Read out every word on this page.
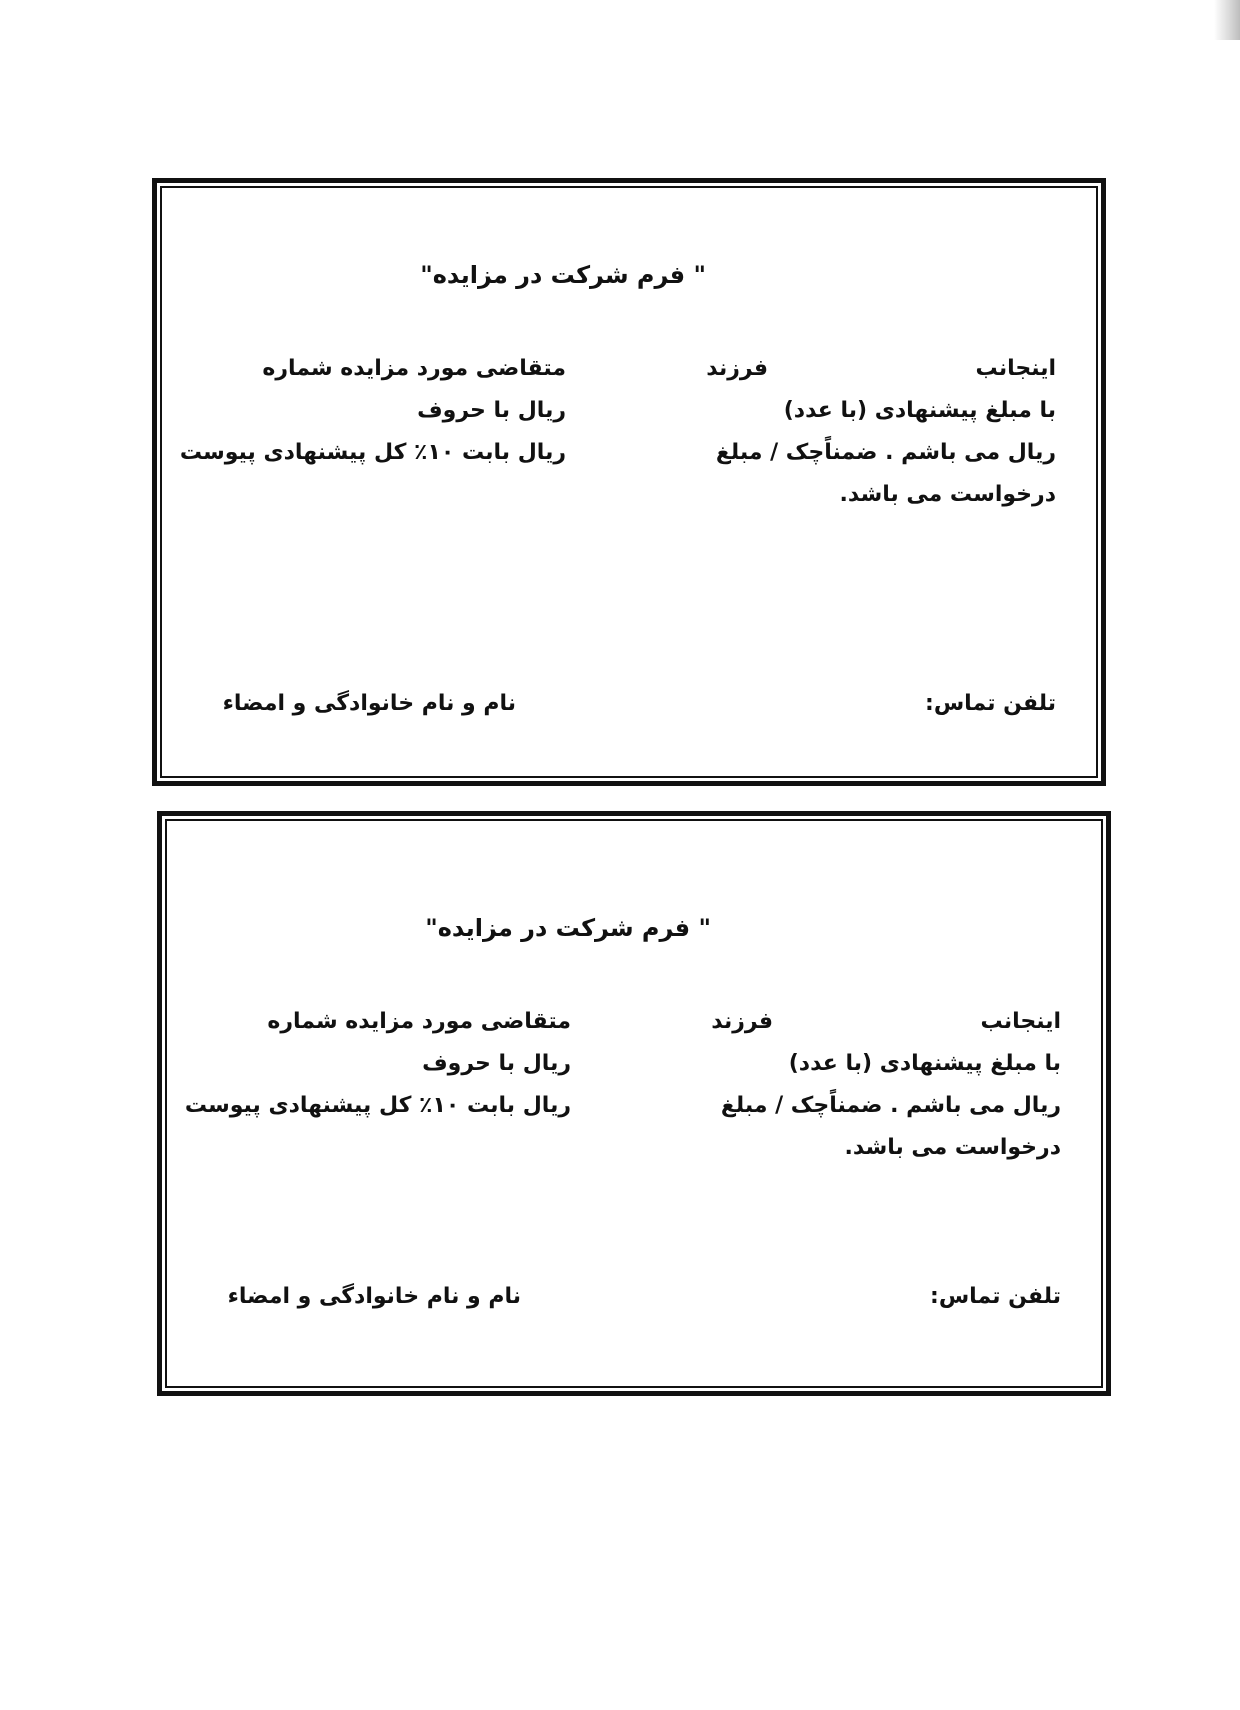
" فرم شرکت در مزایده"
اینجانب
فرزند
متقاضی مورد مزایده شماره
با مبلغ پیشنهادی (با عدد)
ریال با حروف
ریال می باشم . ضمناًچک / مبلغ
ریال بابت ۱۰٪ کل پیشنهادی پیوست
درخواست می باشد.
تلفن تماس:
نام و نام خانوادگی و امضاء
" فرم شرکت در مزایده"
اینجانب
فرزند
متقاضی مورد مزایده شماره
با مبلغ پیشنهادی (با عدد)
ریال با حروف
ریال می باشم . ضمناًچک / مبلغ
ریال بابت ۱۰٪ کل پیشنهادی پیوست
درخواست می باشد.
تلفن تماس:
نام و نام خانوادگی و امضاء
